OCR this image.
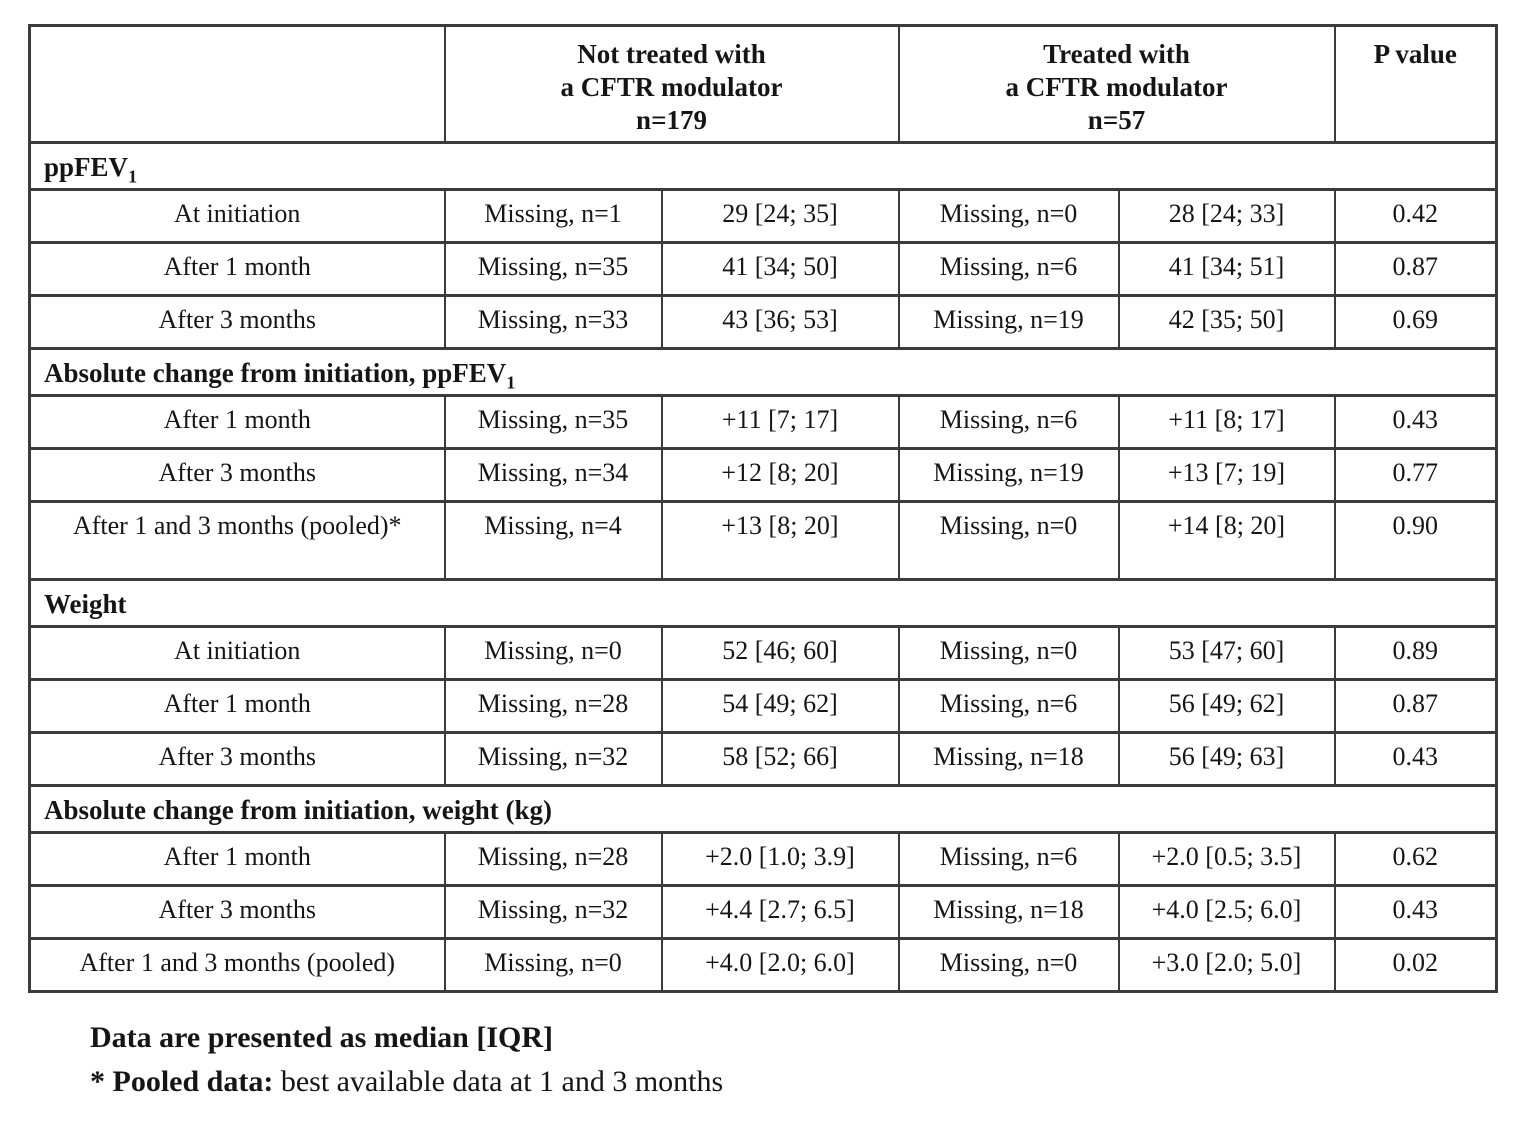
	Not treated with
a CFTR modulator
n=179		Treated with
a CFTR modulator
n=57		P value
ppFEV$_1$
At initiation	Missing, n=1	29 [24; 35]	Missing, n=0	28 [24; 33]	0.42
After 1 month	Missing, n=35	41 [34; 50]	Missing, n=6	41 [34; 51]	0.87
After 3 months	Missing, n=33	43 [36; 53]	Missing, n=19	42 [35; 50]	0.69
Absolute change from initiation, ppFEV$_1$
After 1 month	Missing, n=35	+11 [7; 17]	Missing, n=6	+11 [8; 17]	0.43
After 3 months	Missing, n=34	+12 [8; 20]	Missing, n=19	+13 [7; 19]	0.77
After 1 and 3 months (pooled)*	Missing, n=4	+13 [8; 20]	Missing, n=0	+14 [8; 20]	0.90
Weight					
At initiation	Missing, n=0	52 [46; 60]	Missing, n=0	53 [47; 60]	0.89
After 1 month	Missing, n=28	54 [49; 62]	Missing, n=6	56 [49; 62]	0.87
After 3 months	Missing, n=32	58 [52; 66]	Missing, n=18	56 [49; 63]	0.43
Absolute change from initiation, weight (kg)					
After 1 month	Missing, n=28	+2.0 [1.0; 3.9]	Missing, n=6	+2.0 [0.5; 3.5]	0.62
After 3 months	Missing, n=32	+4.4 [2.7; 6.5]	Missing, n=18	+4.0 [2.5; 6.0]	0.43
After 1 and 3 months (pooled)	Missing, n=0	+4.0 [2.0; 6.0]	Missing, n=0	+3.0 [2.0; 5.0]	0.02
Data are presented as median [IQR]
* Pooled data: best available data at 1 and 3 months
